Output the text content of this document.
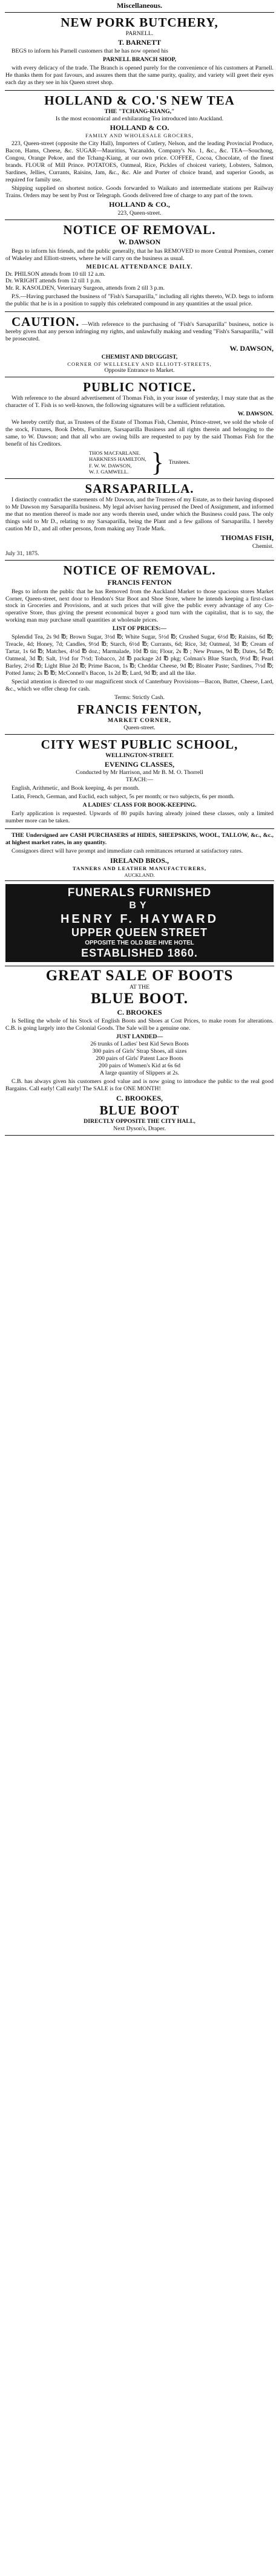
Miscellaneous.
NEW PORK BUTCHERY,
PARNELL.
T. BARNETT
BEGS to inform his Parnell customers that he has now opened his
PARNELL BRANCH SHOP,
with every delicacy of the trade. The Branch is opened purely for the convenience of his customers at Parnell. He thanks them for past favours, and assures them that the same purity, quality, and variety will greet their eyes each day as they see in his Queen street shop.
HOLLAND & CO.'S NEW TEA
THE "TCHANG-KIANG,"
Is the most economical and exhilarating Tea introduced into Auckland.
HOLLAND & CO.
FAMILY AND WHOLESALE GROCERS,
223, Queen-street (opposite the City Hall), Importers of Cutlery, Nelson, and the leading Provincial Produce, Bacon, Hams, Cheese, &c. SUGAR—Mauritius, Yacanaldo, Company's No. 1, &c., &c. TEA—Souchong, Congou, Orange Pekoe, and the Tchang-Kiang, at our own price. COFFEE, Cocoa, Chocolate, of the finest brands. FLOUR of Mill Prince. POTATOES, Oatmeal, Rice, Pickles of choicest variety, Lobsters, Salmon, Sardines, Jellies, Currants, Raisins, Jam, &c., &c. Ale and Porter of choice brand, and superior Goods, as required for family use.
Shipping supplied on shortest notice. Goods forwarded to Waikato and intermediate stations per Railway Trains. Orders may be sent by Post or Telegraph. Goods delivered free of charge to any part of the town.
HOLLAND & CO.,
223, Queen-street.
NOTICE OF REMOVAL.
W. DAWSON
Begs to inform his friends, and the public generally, that he has REMOVED to more Central Premises, corner of Wakeley and Elliott-streets, where he will carry on the business as usual.
MEDICAL ATTENDANCE DAILY.
Dr. PHILSON attends from 10 till 12 a.m.
Dr. WRIGHT attends from 12 till 1 p.m.
Mr. R. KASOLDEN, Veterinary Surgeon, attends from 2 till 3 p.m.
P.S.—Having purchased the business of "Fish's Sarsaparilla," including all rights thereto, W.D. begs to inform the public that he is in a position to supply this celebrated compound in any quantities at the usual price.
CAUTION. —With reference to the purchasing of "Fish's Sarsaparilla" business, notice is hereby given that any person infringing my rights, and unlawfully making and vending "Fish's Sarsaparilla," will be prosecuted.
W. DAWSON,
CHEMIST AND DRUGGIST,
CORNER OF WELLESLEY AND ELLIOTT-STREETS,
Opposite Entrance to Market.
PUBLIC NOTICE.
With reference to the absurd advertisement of Thomas Fish, in your issue of yesterday, I may state that as the character of T. Fish is so well-known, the following signatures will be a sufficient refutation.
W. DAWSON.
We hereby certify that, as Trustees of the Estate of Thomas Fish, Chemist, Prince-street, we sold the whole of the stock, Fixtures, Book Debts, Furniture, Sarsaparilla Business and all rights therein and belonging to the same, to W. Dawson; and that all who are owing bills are requested to pay by the said Thomas Fish for the benefit of his Creditors.
THOS MACFARLANE.
HARKNESS HAMILTON,
F. W. W. DAWSON,
W. J. GAMWELL. } Trustees.
SARSAPARILLA.
I distinctly contradict the statements of Mr Dawson, and the Trustees of my Estate, as to their having disposed to Mr Dawson my Sarsaparilla business. My legal adviser having perused the Deed of Assignment, and informed me that no mention thereof is made nor any words therein used, under which the Business could pass. The only things sold to Mr D., relating to my Sarsaparilla, being the Plant and a few gallons of Sarsaparilla. I hereby caution Mr D., and all other persons, from making any Trade Mark.
THOMAS FISH,
Chemist.
July 31, 1875.
NOTICE OF REMOVAL.
FRANCIS FENTON
Begs to inform the public that he has Removed from the Auckland Market to those spacious stores Market Corner, Queen-street, next door to Hendon's Star Boot and Shoe Store, where he intends keeping a first-class stock in Groceries and Provisions, and at such prices that will give the public every advantage of any Co-operative Store, thus giving the present economical buyer a good turn with the capitalist, that is to say, the working man may purchase small quantities at wholesale prices.
LIST OF PRICES:—
Splendid Tea, 2s 9d ℔; Brown Sugar, 3½d ℔; White Sugar, 5½d ℔; Crushed Sugar, 6½d ℔; Raisins, 6d ℔; Treacle, 4d; Honey, 7d; Candles, 9½d ℔; Starch, 6½d ℔; Currants, 6d; Rice, 3d; Oatmeal, 3d ℔; Cream of Tartar, 1s 6d ℔; Matches, 4½d ℔ doz.; Marmalade, 10d ℔ tin; Flour, 2s ℔ ; New Prunes, 9d ℔; Dates, 5d ℔; Oatmeal, 3d ℔; Salt, 1½d for 7½d; Tobacco, 2d ℔ package 2d ℔ pkg; Colman's Blue Starch, 9½d ℔; Pearl Barley, 2½d ℔; Light Blue 2d ℔; Prime Bacon, 1s ℔; Cheddar Cheese, 9d ℔; Bloater Paste; Sardines, 7½d ℔; Potted Jams; 2s ℔ ℔; McConnell's Bacon, 1s 2d ℔; Lard, 9d ℔; and all the like.
Special attention is directed to our magnificent stock of Canterbury Provisions—Bacon, Butter, Cheese, Lard, &c., which we offer cheap for cash.
Terms: Strictly Cash.
FRANCIS FENTON,
MARKET CORNER,
Queen-street.
CITY WEST PUBLIC SCHOOL,
WELLINGTON-STREET.
EVENING CLASSES,
Conducted by Mr Harrison, and Mr B. M. O. Thorrell
TEACH:—
English, Arithmetic, and Book keeping, 4s per month.
Latin, French, German, and Euclid, each subject, 5s per month; or two subjects, 6s per month.
A LADIES' CLASS FOR BOOK-KEEPING.
Early application is requested. Upwards of 80 pupils having already joined these classes, only a limited number more can be taken.
THE Undersigned are CASH PURCHASERS of HIDES, SHEEPSKINS, WOOL, TALLOW, &c., &c., at highest market rates, in any quantity.
Consignors direct will have prompt and immediate cash remittances returned at satisfactory rates.
IRELAND BROS.,
TANNERS AND LEATHER MANUFACTURERS,
AUCKLAND.
FUNERALS FURNISHED
BY
HENRY F. HAYWARD
UPPER QUEEN STREET
OPPOSITE THE OLD BEE HIVE HOTEL
ESTABLISHED 1860.
GREAT SALE OF BOOTS
AT THE
BLUE BOOT.
C. BROOKES
Is Selling the whole of his Stock of English Boots and Shoes at Cost Prices, to make room for alterations. C.B. is going largely into the Colonial Goods. The Sale will be a genuine one.
JUST LANDED—
26 trunks of Ladies' best Kid Sewn Boots
300 pairs of Girls' Strap Shoes, all sizes
200 pairs of Girls' Patent Lace Boots
200 pairs of Women's Kid at 6s 6d
A large quantity of Slippers at 2s.
C.B. has always given his customers good value and is now going to introduce the public to the real good Bargains. Call early! Call early! The SALE is for ONE MONTH!
C. BROOKES,
BLUE BOOT
DIRECTLY OPPOSITE THE CITY HALL,
Next Dyson's, Draper.
